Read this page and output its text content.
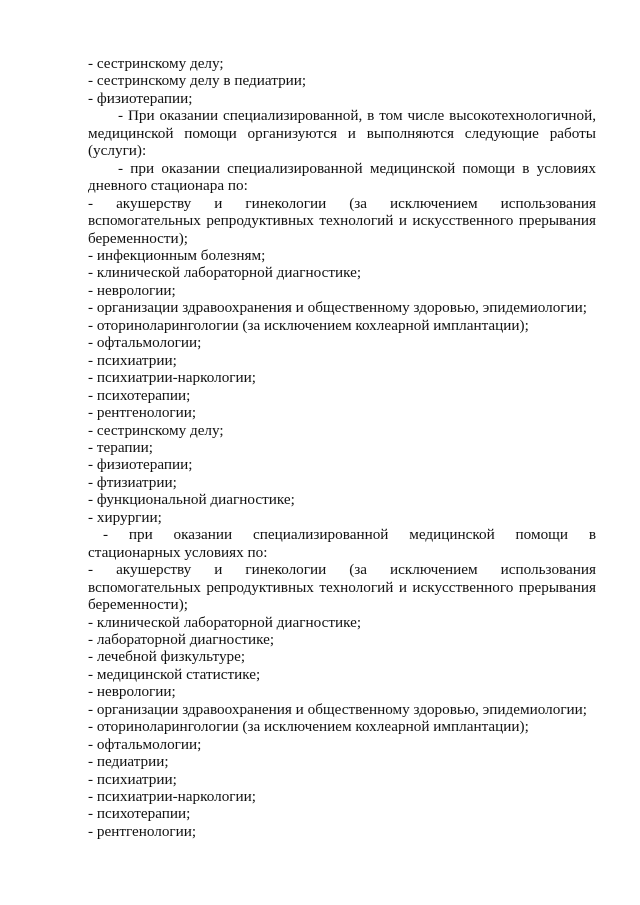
- сестринскому делу;

- сестринскому делу в педиатрии;

- физиотерапии;

- При оказании специализированной, в том числе высокотехнологичной,

медицинской помощи организуются и выполняются следующие работы

(услуги):

- при оказании специализированной медицинской помощи в условиях

дневного стационара по:

- акушерству и гинекологии (за исключением использования

вспомогательных репродуктивных технологий и искусственного прерывания

беременности);

- инфекционным болезням;

- клинической лабораторной диагностике;

- неврологии;

- организации здравоохранения и общественному здоровью, эпидемиологии;

- оториноларингологии (за исключением кохлеарной имплантации);

- офтальмологии;

- психиатрии;

- психиатрии-наркологии;

- психотерапии;

- рентгенологии;

- сестринскому делу;

- терапии;

- физиотерапии;

- фтизиатрии;

- функциональной диагностике;

- хирургии;

- при оказании специализированной медицинской помощи в

стационарных условиях по:

- акушерству и гинекологии (за исключением использования

вспомогательных репродуктивных технологий и искусственного прерывания

беременности);

- клинической лабораторной диагностике;

- лабораторной диагностике;

- лечебной физкультуре;

- медицинской статистике;

- неврологии;

- организации здравоохранения и общественному здоровью, эпидемиологии;

- оториноларингологии (за исключением кохлеарной имплантации);

- офтальмологии;

- педиатрии;

- психиатрии;

- психиатрии-наркологии;

- психотерапии;

- рентгенологии;
